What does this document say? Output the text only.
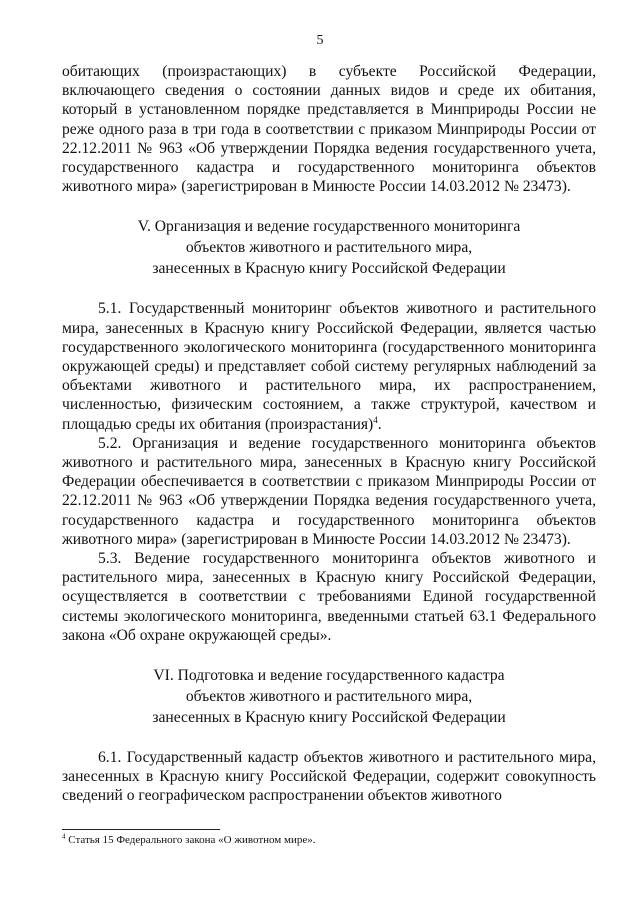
5

обитающих (произрастающих) в субъекте Российской Федерации, включающего сведения о состоянии данных видов и среде их обитания, который в установленном порядке представляется в Минприроды России не реже одного раза в три года в соответствии с приказом Минприроды России от 22.12.2011 № 963 «Об утверждении Порядка ведения государственного учета, государственного кадастра и государственного мониторинга объектов животного мира» (зарегистрирован в Минюсте России 14.03.2012 № 23473).

V. Организация и ведение государственного мониторинга

объектов животного и растительного мира,

занесенных в Красную книгу Российской Федерации

5.1. Государственный мониторинг объектов животного и растительного мира, занесенных в Красную книгу Российской Федерации, является частью государственного экологического мониторинга (государственного мониторинга окружающей среды) и представляет собой систему регулярных наблюдений за объектами животного и растительного мира, их распространением, численностью, физическим состоянием, а также структурой, качеством и площадью среды их обитания (произрастания)$^4$.

5.2. Организация и ведение государственного мониторинга объектов животного и растительного мира, занесенных в Красную книгу Российской Федерации обеспечивается в соответствии с приказом Минприроды России от 22.12.2011 № 963 «Об утверждении Порядка ведения государственного учета, государственного кадастра и государственного мониторинга объектов животного мира» (зарегистрирован в Минюсте России 14.03.2012 № 23473).

5.3. Ведение государственного мониторинга объектов животного и растительного мира, занесенных в Красную книгу Российской Федерации, осуществляется в соответствии с требованиями Единой государственной системы экологического мониторинга, введенными статьей 63.1 Федерального закона «Об охране окружающей среды».

VI. Подготовка и ведение государственного кадастра

объектов животного и растительного мира,

занесенных в Красную книгу Российской Федерации

6.1. Государственный кадастр объектов животного и растительного мира, занесенных в Красную книгу Российской Федерации, содержит совокупность сведений о географическом распространении объектов животного

$^4$ Статья 15 Федерального закона «О животном мире».
